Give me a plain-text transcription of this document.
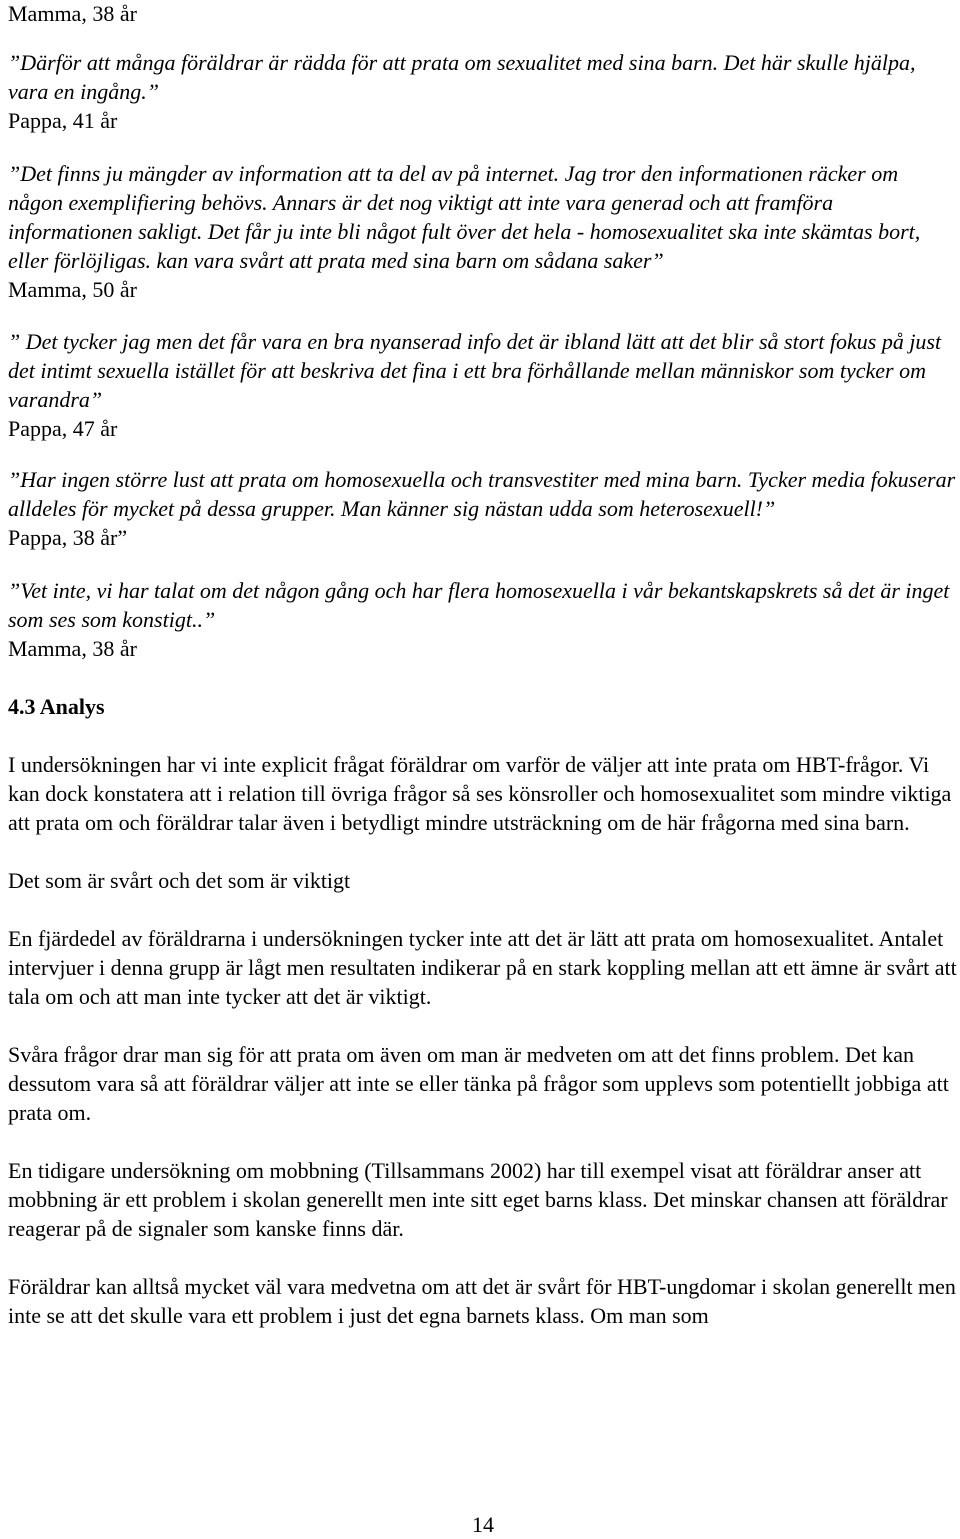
Mamma, 38 år

”Därför att många föräldrar är rädda för att prata om sexualitet med sina barn. Det här skulle hjälpa, vara en ingång.”

Pappa, 41 år

”Det finns ju mängder av information att ta del av på internet. Jag tror den informationen räcker om någon exemplifiering behövs. Annars är det nog viktigt att inte vara generad och att framföra informationen sakligt. Det får ju inte bli något fult över det hela - homosexualitet ska inte skämtas bort, eller förlöjligas. kan vara svårt att prata med sina barn om sådana saker”

Mamma, 50 år

” Det tycker jag men det får vara en bra nyanserad info det är ibland lätt att det blir så stort fokus på just det intimt sexuella istället för att beskriva det fina i ett bra förhållande mellan människor som tycker om varandra”

Pappa, 47 år

”Har ingen större lust att prata om homosexuella och transvestiter med mina barn. Tycker media fokuserar alldeles för mycket på dessa grupper. Man känner sig nästan udda som heterosexuell!”

Pappa, 38 år”

”Vet inte, vi har talat om det någon gång och har flera homosexuella i vår bekantskapskrets så det är inget som ses som konstigt..”

Mamma, 38 år

4.3 Analys

I undersökningen har vi inte explicit frågat föräldrar om varför de väljer att inte prata om HBT-frågor. Vi kan dock konstatera att i relation till övriga frågor så ses könsroller och homosexualitet som mindre viktiga att prata om och föräldrar talar även i betydligt mindre utsträckning om de här frågorna med sina barn.

Det som är svårt och det som är viktigt

En fjärdedel av föräldrarna i undersökningen tycker inte att det är lätt att prata om homosexualitet. Antalet intervjuer i denna grupp är lågt men resultaten indikerar på en stark koppling mellan att ett ämne är svårt att tala om och att man inte tycker att det är viktigt.

Svåra frågor drar man sig för att prata om även om man är medveten om att det finns problem. Det kan dessutom vara så att föräldrar väljer att inte se eller tänka på frågor som upplevs som potentiellt jobbiga att prata om.

En tidigare undersökning om mobbning (Tillsammans 2002) har till exempel visat att föräldrar anser att mobbning är ett problem i skolan generellt men inte sitt eget barns klass. Det minskar chansen att föräldrar reagerar på de signaler som kanske finns där.

Föräldrar kan alltså mycket väl vara medvetna om att det är svårt för HBT-ungdomar i skolan generellt men inte se att det skulle vara ett problem i just det egna barnets klass. Om man som

14
